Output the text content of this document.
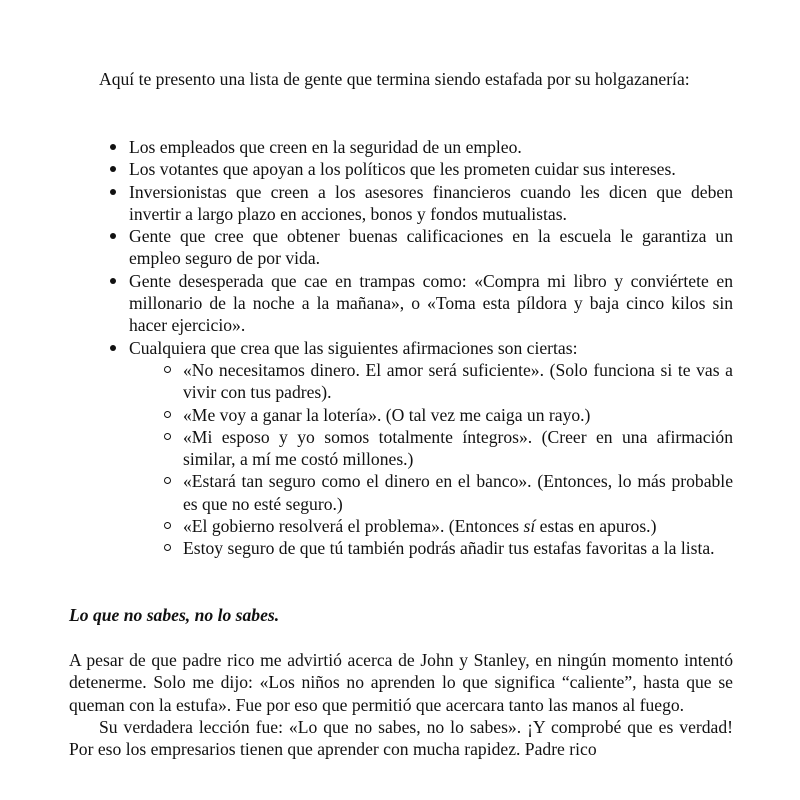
Aquí te presento una lista de gente que termina siendo estafada por su holgazanería:

Los empleados que creen en la seguridad de un empleo.
Los votantes que apoyan a los políticos que les prometen cuidar sus intereses.
Inversionistas que creen a los asesores financieros cuando les dicen que deben invertir a largo plazo en acciones, bonos y fondos mutualistas.
Gente que cree que obtener buenas calificaciones en la escuela le garantiza un empleo seguro de por vida.
Gente desesperada que cae en trampas como: «Compra mi libro y conviértete en millonario de la noche a la mañana», o «Toma esta píldora y baja cinco kilos sin hacer ejercicio».
Cualquiera que crea que las siguientes afirmaciones son ciertas:
«No necesitamos dinero. El amor será suficiente». (Solo funciona si te vas a vivir con tus padres).
«Me voy a ganar la lotería». (O tal vez me caiga un rayo.)
«Mi esposo y yo somos totalmente íntegros». (Creer en una afirmación similar, a mí me costó millones.)
«Estará tan seguro como el dinero en el banco». (Entonces, lo más probable es que no esté seguro.)
«El gobierno resolverá el problema». (Entonces sí estas en apuros.)
Estoy seguro de que tú también podrás añadir tus estafas favoritas a la lista.
Lo que no sabes, no lo sabes.

A pesar de que padre rico me advirtió acerca de John y Stanley, en ningún momento intentó detenerme. Solo me dijo: «Los niños no aprenden lo que significa “caliente”, hasta que se queman con la estufa». Fue por eso que permitió que acercara tanto las manos al fuego.

Su verdadera lección fue: «Lo que no sabes, no lo sabes». ¡Y comprobé que es verdad! Por eso los empresarios tienen que aprender con mucha rapidez. Padre rico
